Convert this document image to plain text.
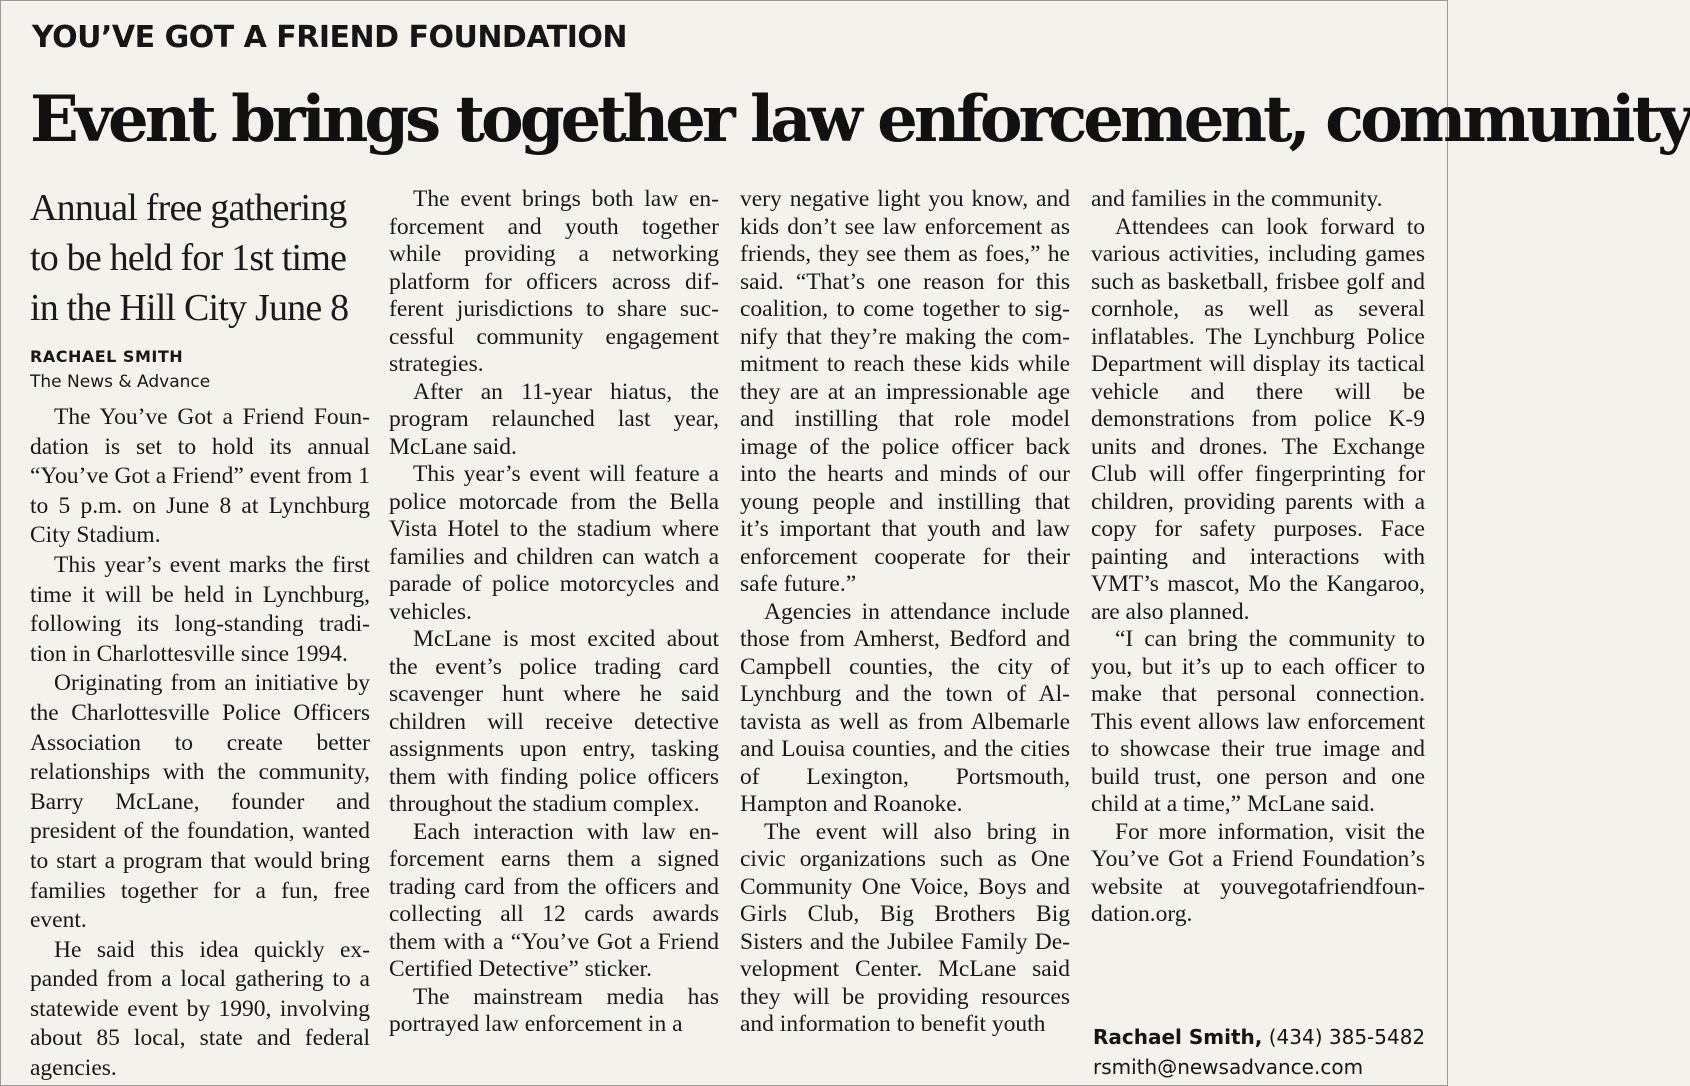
YOU’VE GOT A FRIEND FOUNDATION
Event brings together law enforcement, community
Annual free gathering to be held for 1st time in the Hill City June 8
RACHAEL SMITH
The News & Advance

The You’ve Got a Friend Foundation is set to hold its annual “You’ve Got a Friend” event from 1 to 5 p.m. on June 8 at Lynchburg City Stadium.

This year’s event marks the first time it will be held in Lynchburg, following its long-standing tradition in Charlottesville since 1994.

Originating from an initiative by the Charlottesville Police Officers Association to create better relationships with the community, Barry McLane, founder and president of the foundation, wanted to start a program that would bring families together for a fun, free event.

He said this idea quickly expanded from a local gathering to a statewide event by 1990, involving about 85 local, state and federal agencies.

The event brings both law enforcement and youth together while providing a networking platform for officers across different jurisdictions to share successful community engagement strategies.

After an 11-year hiatus, the program relaunched last year, McLane said.

This year’s event will feature a police motorcade from the Bella Vista Hotel to the stadium where families and children can watch a parade of police motorcycles and vehicles.

McLane is most excited about the event’s police trading card scavenger hunt where he said children will receive detective assignments upon entry, tasking them with finding police officers throughout the stadium complex.

Each interaction with law enforcement earns them a signed trading card from the officers and collecting all 12 cards awards them with a “You’ve Got a Friend Certified Detective” sticker.

The mainstream media has portrayed law enforcement in a

very negative light you know, and kids don’t see law enforcement as friends, they see them as foes,” he said. “That’s one reason for this coalition, to come together to signify that they’re making the commitment to reach these kids while they are at an impressionable age and instilling that role model image of the police officer back into the hearts and minds of our young people and instilling that it’s important that youth and law enforcement cooperate for their safe future.”

Agencies in attendance include those from Amherst, Bedford and Campbell counties, the city of Lynchburg and the town of Altavista as well as from Albemarle and Louisa counties, and the cities of Lexington, Portsmouth, Hampton and Roanoke.

The event will also bring in civic organizations such as One Community One Voice, Boys and Girls Club, Big Brothers Big Sisters and the Jubilee Family Development Center. McLane said they will be providing resources and information to benefit youth

and families in the community.

Attendees can look forward to various activities, including games such as basketball, frisbee golf and cornhole, as well as several inflatables. The Lynchburg Police Department will display its tactical vehicle and there will be demonstrations from police K-9 units and drones. The Exchange Club will offer fingerprinting for children, providing parents with a copy for safety purposes. Face painting and interactions with VMT’s mascot, Mo the Kangaroo, are also planned.

“I can bring the community to you, but it’s up to each officer to make that personal connection. This event allows law enforcement to showcase their true image and build trust, one person and one child at a time,” McLane said.

For more information, visit the You’ve Got a Friend Foundation’s website at youvegotafriendfoundation.org.

Rachael Smith, (434) 385-5482
rsmith@newsadvance.com
